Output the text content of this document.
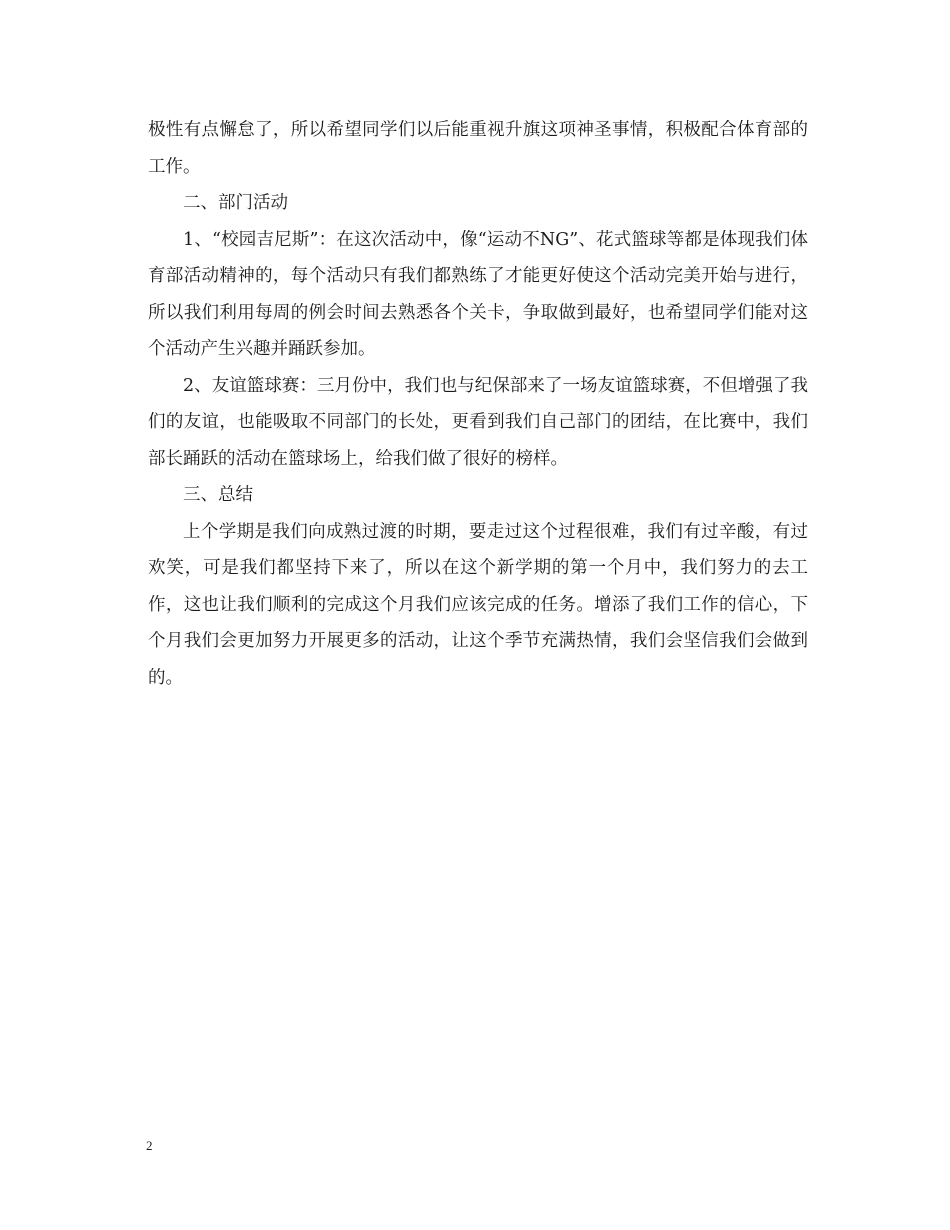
极性有点懈怠了，所以希望同学们以后能重视升旗这项神圣事情，积极配合体育部的工作。

二、部门活动

1、“校园吉尼斯”：在这次活动中，像“运动不NG”、花式篮球等都是体现我们体育部活动精神的，每个活动只有我们都熟练了才能更好使这个活动完美开始与进行，所以我们利用每周的例会时间去熟悉各个关卡，争取做到最好，也希望同学们能对这个活动产生兴趣并踊跃参加。

2、友谊篮球赛：三月份中，我们也与纪保部来了一场友谊篮球赛，不但增强了我们的友谊，也能吸取不同部门的长处，更看到我们自己部门的团结，在比赛中，我们部长踊跃的活动在篮球场上，给我们做了很好的榜样。

三、总结

上个学期是我们向成熟过渡的时期，要走过这个过程很难，我们有过辛酸，有过欢笑，可是我们都坚持下来了，所以在这个新学期的第一个月中，我们努力的去工作，这也让我们顺利的完成这个月我们应该完成的任务。增添了我们工作的信心，下个月我们会更加努力开展更多的活动，让这个季节充满热情，我们会坚信我们会做到的。

2
